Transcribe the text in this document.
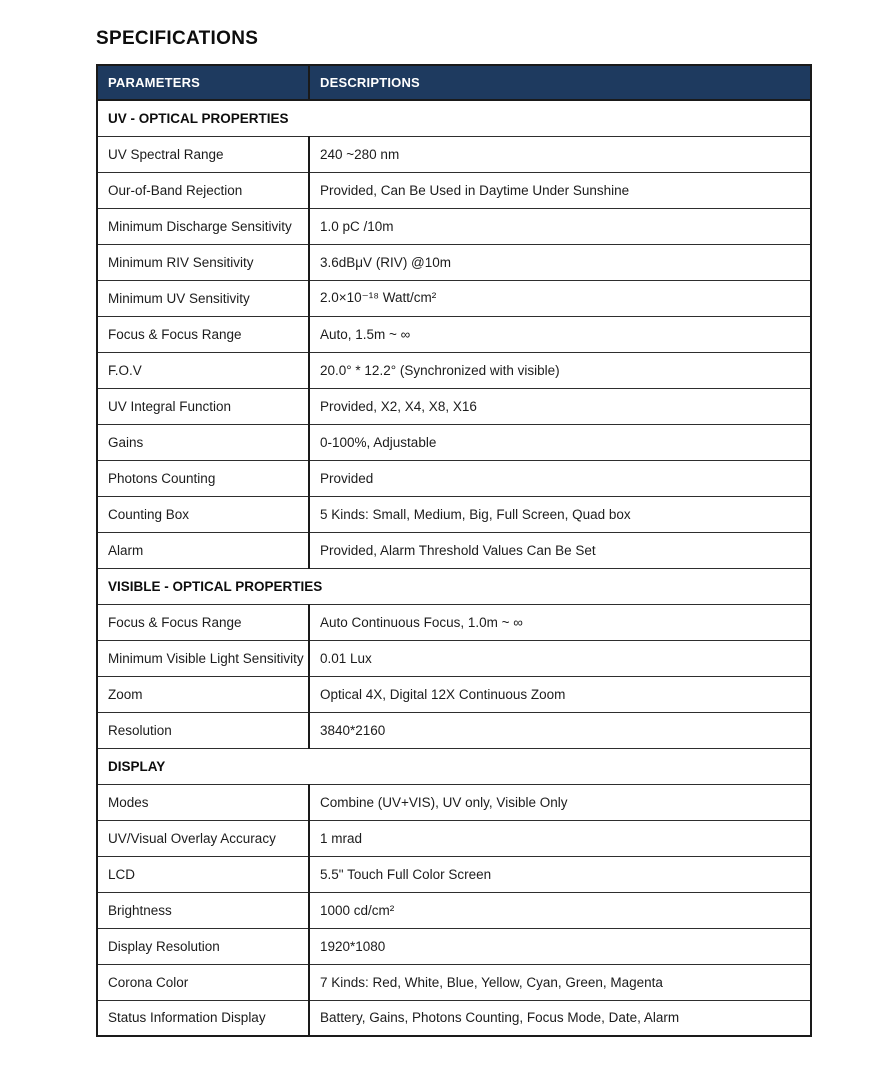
SPECIFICATIONS
PARAMETERS	DESCRIPTIONS
UV - OPTICAL PROPERTIES	
UV Spectral Range	240 ~280 nm
Our-of-Band Rejection	Provided, Can Be Used in Daytime Under Sunshine
Minimum Discharge Sensitivity	1.0 pC /10m
Minimum RIV Sensitivity	3.6dBμV (RIV) @10m
Minimum UV Sensitivity	2.0×10⁻¹⁸ Watt/cm²
Focus & Focus Range	Auto, 1.5m ~ ∞
F.O.V	20.0° * 12.2° (Synchronized with visible)
UV Integral Function	Provided, X2, X4, X8, X16
Gains	0-100%, Adjustable
Photons Counting	Provided
Counting Box	5 Kinds: Small, Medium, Big, Full Screen, Quad box
Alarm	Provided, Alarm Threshold Values Can Be Set
VISIBLE - OPTICAL PROPERTIES	
Focus & Focus Range	Auto Continuous Focus, 1.0m ~ ∞
Minimum Visible Light Sensitivity	0.01 Lux
Zoom	Optical 4X, Digital 12X Continuous Zoom
Resolution	3840*2160
DISPLAY	
Modes	Combine (UV+VIS), UV only, Visible Only
UV/Visual Overlay Accuracy	1 mrad
LCD	5.5" Touch Full Color Screen
Brightness	1000 cd/cm²
Display Resolution	1920*1080
Corona Color	7 Kinds: Red, White, Blue, Yellow, Cyan, Green, Magenta
Status Information Display	Battery, Gains, Photons Counting, Focus Mode, Date, Alarm
